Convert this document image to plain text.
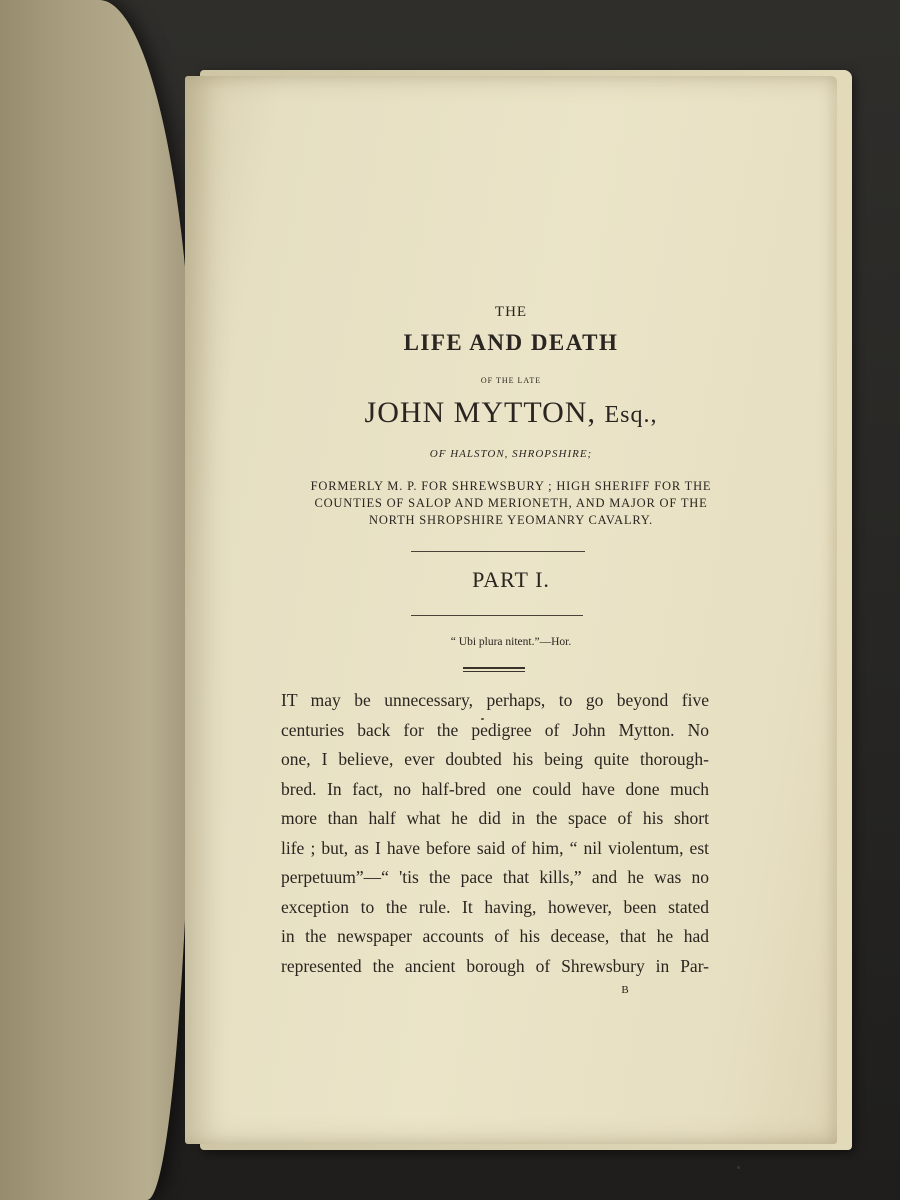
THE
LIFE AND DEATH
OF THE LATE
JOHN MYTTON, Esq.,
OF HALSTON, SHROPSHIRE;
FORMERLY M. P. FOR SHREWSBURY ; HIGH SHERIFF FOR THE
COUNTIES OF SALOP AND MERIONETH, AND MAJOR OF THE
NORTH SHROPSHIRE YEOMANRY CAVALRY.
PART I.
“ Ubi plura nitent.”—Hor.
IT may be unnecessary, perhaps, to go beyond five
centuries back for the pedigree of John Mytton. No
one, I believe, ever doubted his being quite thorough-
bred. In fact, no half-bred one could have done much
more than half what he did in the space of his short
life ; but, as I have before said of him, “ nil violentum, est
perpetuum”—“ 'tis the pace that kills,” and he was no
exception to the rule. It having, however, been stated
in the newspaper accounts of his decease, that he had
represented the ancient borough of Shrewsbury in Par-
B
